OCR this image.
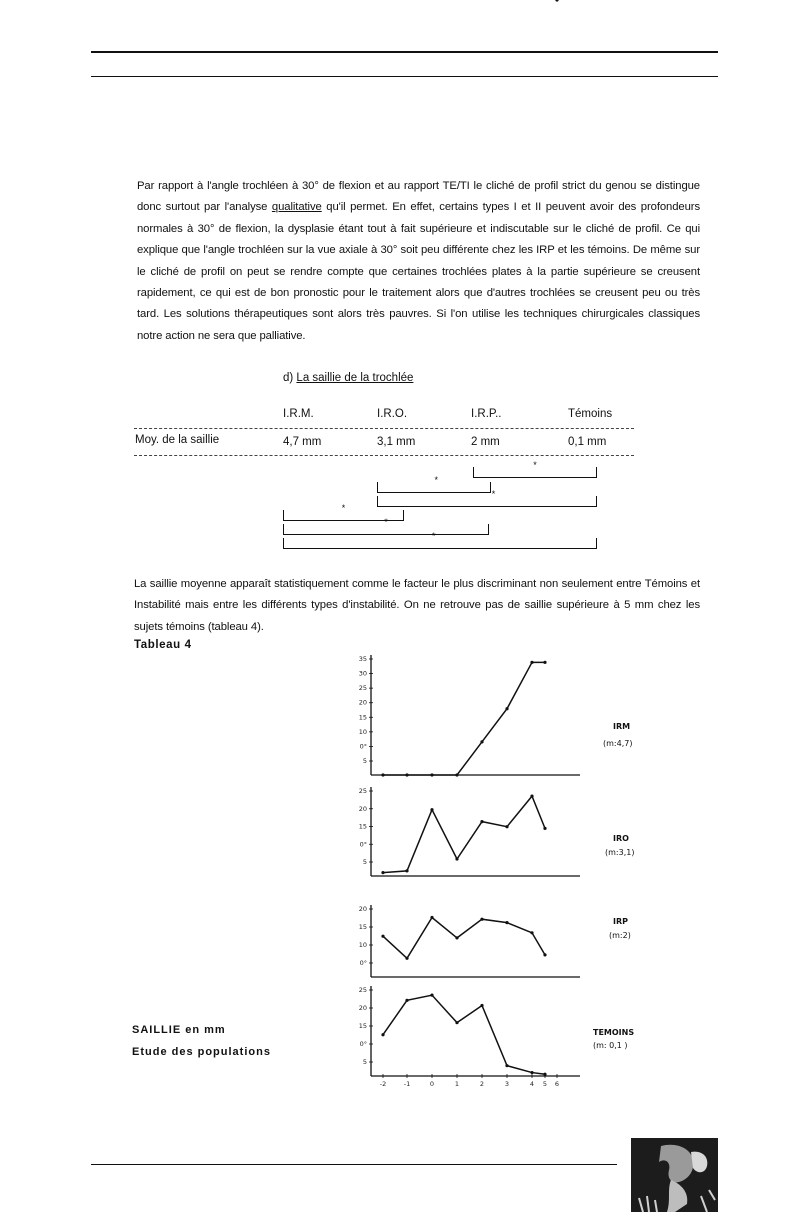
Par rapport à l'angle trochléen à 30° de flexion et au rapport TE/TI le cliché de profil strict du genou se distingue donc surtout par l'analyse qualitative qu'il permet. En effet, certains types I et II peuvent avoir des profondeurs normales à 30° de flexion, la dysplasie étant tout à fait supérieure et indiscutable sur le cliché de profil. Ce qui explique que l'angle trochléen sur la vue axiale à 30° soit peu différente chez les IRP et les témoins. De même sur le cliché de profil on peut se rendre compte que certaines trochlées plates à la partie supérieure se creusent rapidement, ce qui est de bon pronostic pour le traitement alors que d'autres trochlées se creusent peu ou très tard. Les solutions thérapeutiques sont alors très pauvres. Si l'on utilise les techniques chirurgicales classiques notre action ne sera que palliative.
d) La saillie de la trochlée
I.R.M.	I.R.O.	I.R.P..	Témoins
Moy. de la saillie	4,7 mm	3,1 mm	2 mm	0,1 mm
*
*
*
*
*
*
La saillie moyenne apparaît statistiquement comme le facteur le plus discriminant non seulement entre Témoins et Instabilité mais entre les différents types d'instabilité. On ne retrouve pas de saillie supérieure à 5 mm chez les sujets témoins (tableau 4).
Tableau 4
35
30
25
20
15
10
0°
5
IRM
(m:4,7)
25
20
15
0°
5
IRO
(m:3,1)
20
15
10
0°
IRP
(m:2)
25
20
15
0°
5
TEMOINS
(m: 0,1 )
-2	-1	0	1	2	3	4 5 6
SAILLIE en mm
Etude des populations
